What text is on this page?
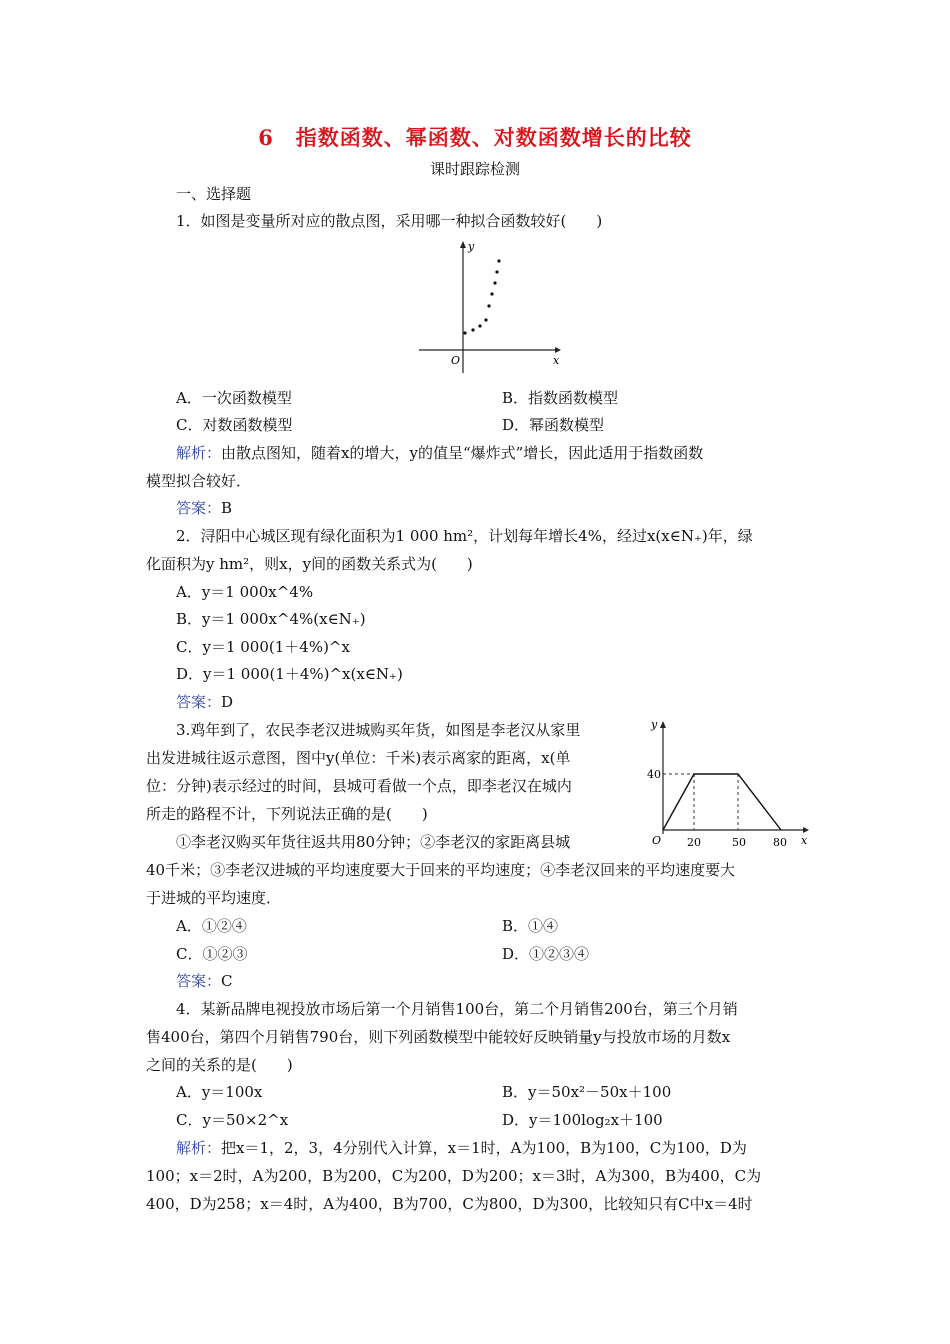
6　指数函数、幂函数、对数函数增长的比较
课时跟踪检测
一、选择题
1．如图是变量所对应的散点图，采用哪一种拟合函数较好(　　)
y
x
O
A．一次函数模型	B．指数函数模型
C．对数函数模型	D．幂函数模型
解析：由散点图知，随着x的增大，y的值呈“爆炸式”增长，因此适用于指数函数
模型拟合较好．
答案：B
2．浔阳中心城区现有绿化面积为1 000 hm²，计划每年增长4%，经过x(x∈N₊)年，绿
化面积为y hm²，则x，y间的函数关系式为(　　)
A．y＝1 000x^4%
B．y＝1 000x^4%(x∈N₊)
C．y＝1 000(1＋4%)^x
D．y＝1 000(1＋4%)^x(x∈N₊)
答案：D
3.鸡年到了，农民李老汉进城购买年货，如图是李老汉从家里
出发进城往返示意图，图中y(单位：千米)表示离家的距离，x(单
位：分钟)表示经过的时间，县城可看做一个点，即李老汉在城内
所走的路程不计，下列说法正确的是(　　)
y
x
O
40
20	50 80
①李老汉购买年货往返共用80分钟；②李老汉的家距离县城
40千米；③李老汉进城的平均速度要大于回来的平均速度；④李老汉回来的平均速度要大
于进城的平均速度．
A．①②④	B．①④
C．①②③	D．①②③④
答案：C
4．某新品牌电视投放市场后第一个月销售100台，第二个月销售200台，第三个月销
售400台，第四个月销售790台，则下列函数模型中能较好反映销量y与投放市场的月数x
之间的关系的是(　　)
A．y＝100x	B．y＝50x²－50x＋100
C．y＝50×2^x	D．y＝100log₂x＋100
解析：把x＝1，2，3，4分别代入计算，x＝1时，A为100，B为100，C为100，D为
100；x＝2时，A为200，B为200，C为200，D为200；x＝3时，A为300，B为400，C为
400，D为258；x＝4时，A为400，B为700，C为800，D为300，比较知只有C中x＝4时
